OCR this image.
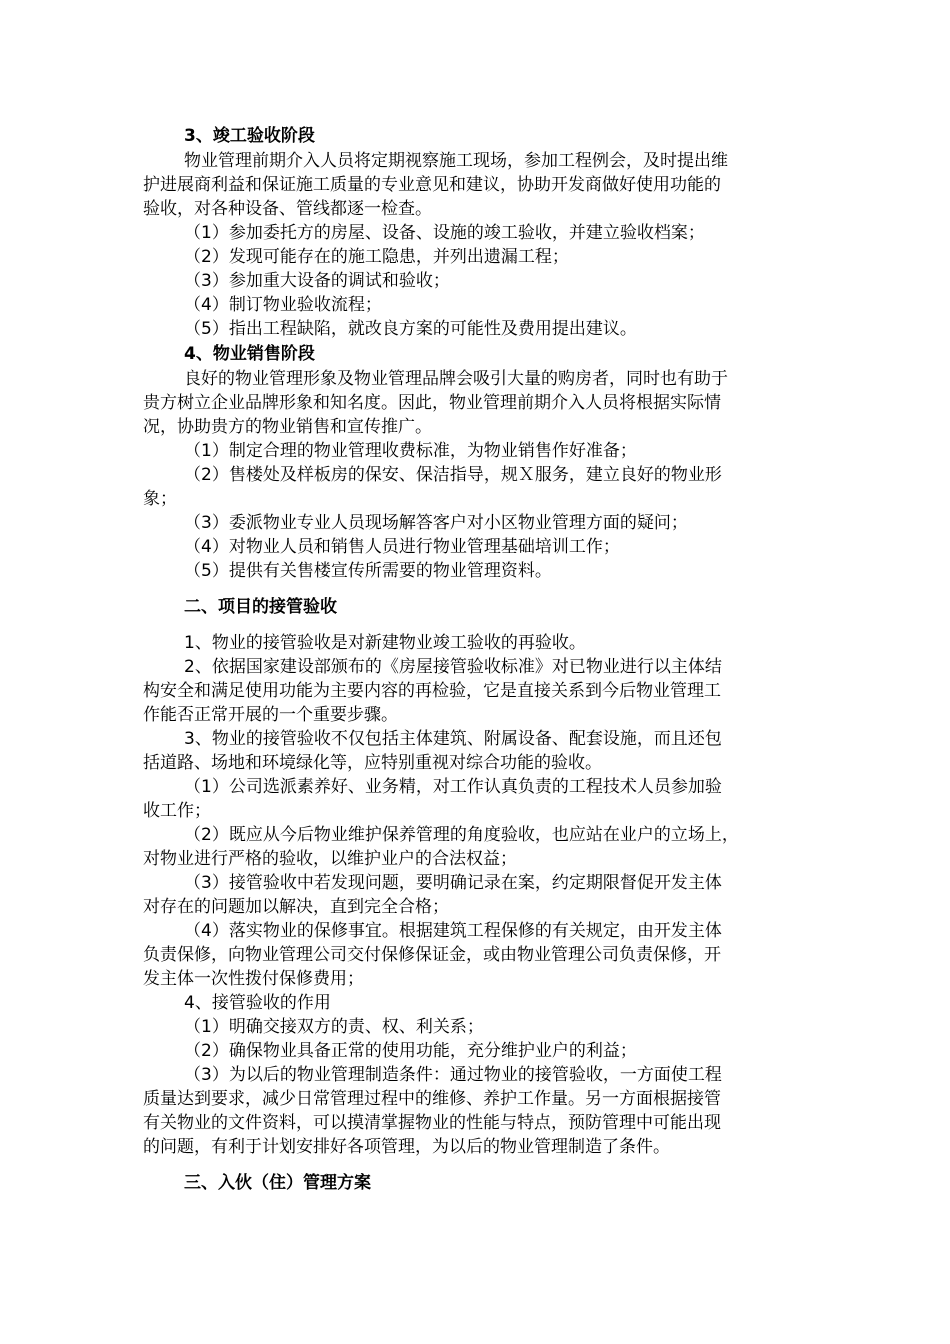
3、竣工验收阶段
物业管理前期介入人员将定期视察施工现场，参加工程例会，及时提出维
护进展商利益和保证施工质量的专业意见和建议，协助开发商做好使用功能的
验收，对各种设备、管线都逐一检查。
（1）参加委托方的房屋、设备、设施的竣工验收，并建立验收档案；
（2）发现可能存在的施工隐患，并列出遗漏工程；
（3）参加重大设备的调试和验收；
（4）制订物业验收流程；
（5）指出工程缺陷，就改良方案的可能性及费用提出建议。
4、物业销售阶段
良好的物业管理形象及物业管理品牌会吸引大量的购房者，同时也有助于
贵方树立企业品牌形象和知名度。因此，物业管理前期介入人员将根据实际情
况，协助贵方的物业销售和宣传推广。
（1）制定合理的物业管理收费标准，为物业销售作好准备；
（2）售楼处及样板房的保安、保洁指导，规Ｘ服务，建立良好的物业形
象；
（3）委派物业专业人员现场解答客户对小区物业管理方面的疑问；
（4）对物业人员和销售人员进行物业管理基础培训工作；
（5）提供有关售楼宣传所需要的物业管理资料。
二、项目的接管验收
1、物业的接管验收是对新建物业竣工验收的再验收。
2、依据国家建设部颁布的《房屋接管验收标准》对已物业进行以主体结
构安全和满足使用功能为主要内容的再检验，它是直接关系到今后物业管理工
作能否正常开展的一个重要步骤。
3、物业的接管验收不仅包括主体建筑、附属设备、配套设施，而且还包
括道路、场地和环境绿化等，应特别重视对综合功能的验收。
（1）公司选派素养好、业务精，对工作认真负责的工程技术人员参加验
收工作；
（2）既应从今后物业维护保养管理的角度验收，也应站在业户的立场上，
对物业进行严格的验收，以维护业户的合法权益；
（3）接管验收中若发现问题，要明确记录在案，约定期限督促开发主体
对存在的问题加以解决，直到完全合格；
（4）落实物业的保修事宜。根据建筑工程保修的有关规定，由开发主体
负责保修，向物业管理公司交付保修保证金，或由物业管理公司负责保修，开
发主体一次性拨付保修费用；
4、接管验收的作用
（1）明确交接双方的责、权、利关系；
（2）确保物业具备正常的使用功能，充分维护业户的利益；
（3）为以后的物业管理制造条件：通过物业的接管验收，一方面使工程
质量达到要求，减少日常管理过程中的维修、养护工作量。另一方面根据接管
有关物业的文件资料，可以摸清掌握物业的性能与特点，预防管理中可能出现
的问题，有利于计划安排好各项管理，为以后的物业管理制造了条件。
三、入伙（住）管理方案
